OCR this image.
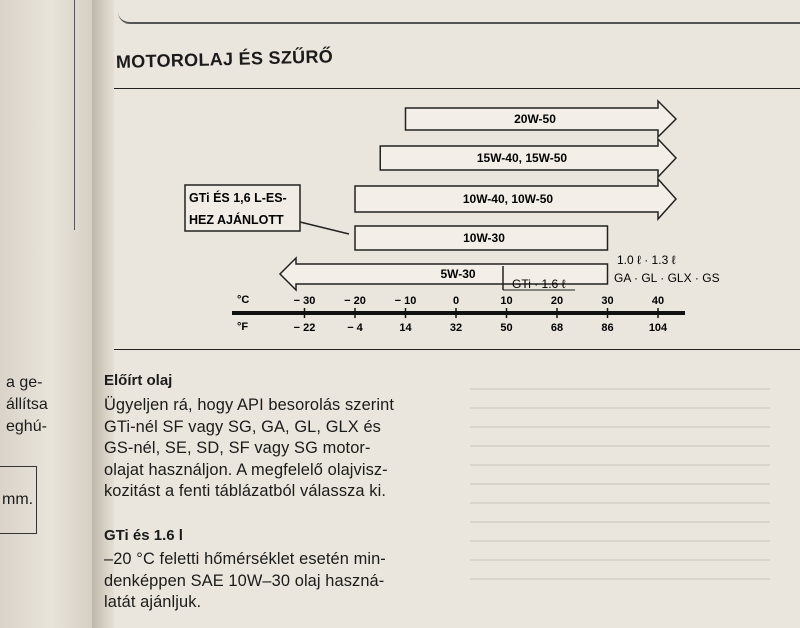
a ge-
állítsa
eghú-
mm.
MOTOROLAJ ÉS SZŰRŐ
20W-50
15W-40, 15W-50
10W-40, 10W-50
10W-30
5W-30
GTi ÉS 1,6 L-ES-
HEZ AJÁNLOTT
GTi · 1.6 ℓ
1.0 ℓ · 1.3 ℓ
GA · GL · GLX · GS
°C
°F
− 30
− 22
− 20
− 4
− 10
14
0
32
10
50
20
68
30
86
40
104
Előírt olaj
Ügyeljen rá, hogy API besorolás szerint
GTi-nél SF vagy SG, GA, GL, GLX és
GS-nél, SE, SD, SF vagy SG motor-
olajat használjon. A megfelelő olajvisz-
kozitást a fenti táblázatból válassza ki.
GTi és 1.6 l
–20 °C feletti hőmérséklet esetén min-
denképpen SAE 10W–30 olaj haszná-
latát ajánljuk.
